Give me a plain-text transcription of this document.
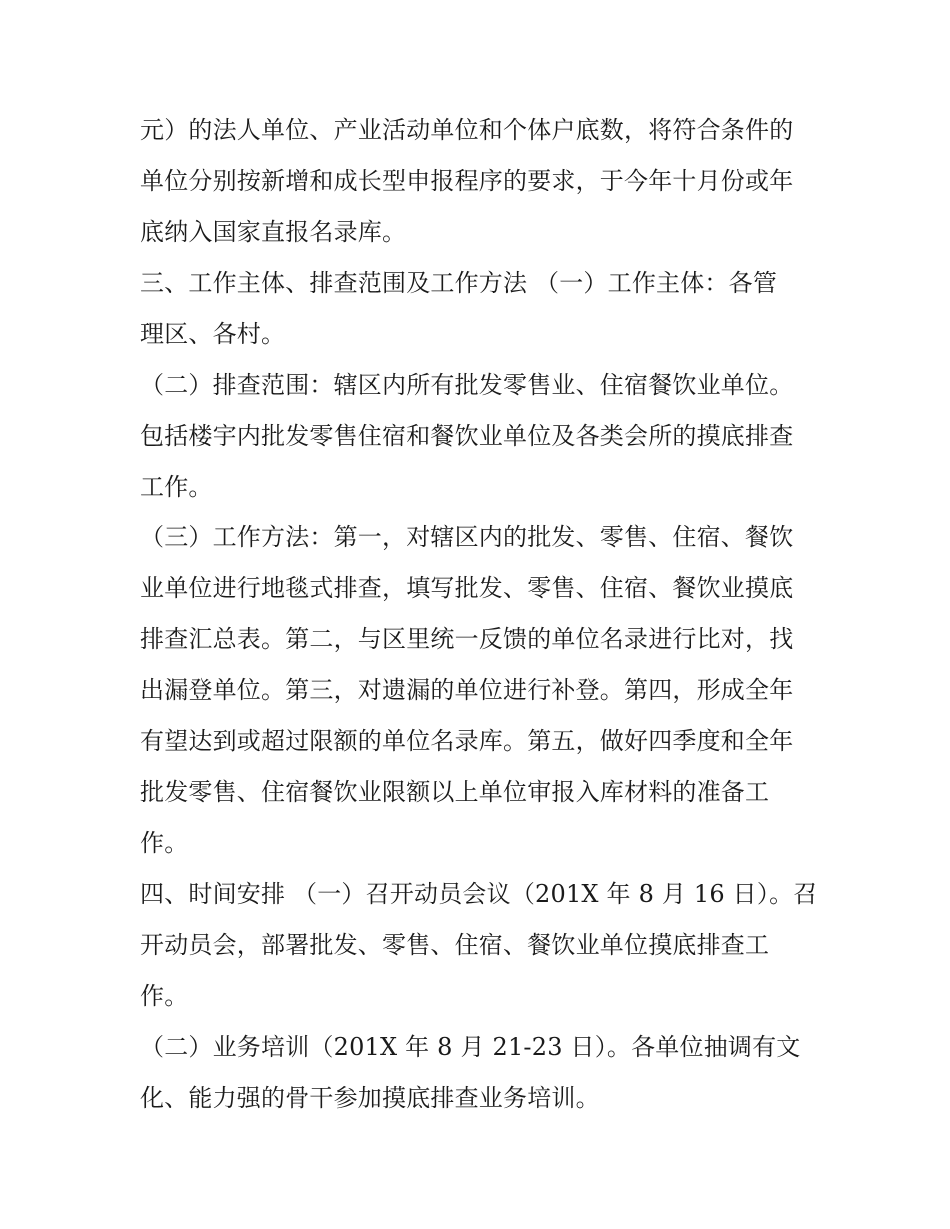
元）的法人单位、产业活动单位和个体户底数，将符合条件的
单位分别按新增和成长型申报程序的要求，于今年十月份或年
底纳入国家直报名录库。
三、工作主体、排查范围及工作方法 （一）工作主体：各管
理区、各村。
（二）排查范围：辖区内所有批发零售业、住宿餐饮业单位。
包括楼宇内批发零售住宿和餐饮业单位及各类会所的摸底排查
工作。
（三）工作方法：第一，对辖区内的批发、零售、住宿、餐饮
业单位进行地毯式排查，填写批发、零售、住宿、餐饮业摸底
排查汇总表。第二，与区里统一反馈的单位名录进行比对，找
出漏登单位。第三，对遗漏的单位进行补登。第四，形成全年
有望达到或超过限额的单位名录库。第五，做好四季度和全年
批发零售、住宿餐饮业限额以上单位审报入库材料的准备工
作。
四、时间安排 （一）召开动员会议（201X 年 8 月 16 日）。召
开动员会，部署批发、零售、住宿、餐饮业单位摸底排查工
作。
（二）业务培训（201X 年 8 月 21-23 日）。各单位抽调有文
化、能力强的骨干参加摸底排查业务培训。
